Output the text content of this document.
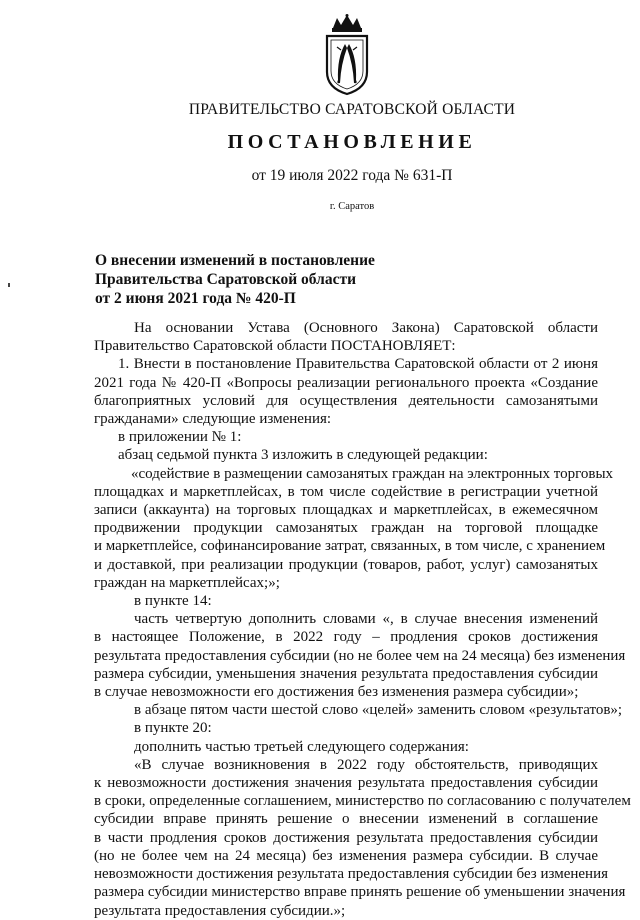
ПРАВИТЕЛЬСТВО САРАТОВСКОЙ ОБЛАСТИ
ПОСТАНОВЛЕНИЕ
от 19 июля 2022 года № 631-П
г. Саратов
О внесении изменений в постановление
Правительства Саратовской области
от 2 июня 2021 года № 420-П
На основании Устава (Основного Закона) Саратовской области
Правительство Саратовской области ПОСТАНОВЛЯЕТ:
1. Внести в постановление Правительства Саратовской области от 2 июня
2021 года № 420-П «Вопросы реализации регионального проекта «Создание
благоприятных условий для осуществления деятельности самозанятыми
гражданами» следующие изменения:
в приложении № 1:
абзац седьмой пункта 3 изложить в следующей редакции:
«содействие в размещении самозанятых граждан на электронных торговых
площадках и маркетплейсах, в том числе содействие в регистрации учетной
записи (аккаунта) на торговых площадках и маркетплейсах, в ежемесячном
продвижении продукции самозанятых граждан на торговой площадке
и маркетплейсе, софинансирование затрат, связанных, в том числе, с хранением
и доставкой, при реализации продукции (товаров, работ, услуг) самозанятых
граждан на маркетплейсах;»;
в пункте 14:
часть четвертую дополнить словами «, в случае внесения изменений
в настоящее Положение, в 2022 году – продления сроков достижения
результата предоставления субсидии (но не более чем на 24 месяца) без изменения
размера субсидии, уменьшения значения результата предоставления субсидии
в случае невозможности его достижения без изменения размера субсидии»;
в абзаце пятом части шестой слово «целей» заменить словом «результатов»;
в пункте 20:
дополнить частью третьей следующего содержания:
«В случае возникновения в 2022 году обстоятельств, приводящих
к невозможности достижения значения результата предоставления субсидии
в сроки, определенные соглашением, министерство по согласованию с получателем
субсидии вправе принять решение о внесении изменений в соглашение
в части продления сроков достижения результата предоставления субсидии
(но не более чем на 24 месяца) без изменения размера субсидии. В случае
невозможности достижения результата предоставления субсидии без изменения
размера субсидии министерство вправе принять решение об уменьшении значения
результата предоставления субсидии.»;
